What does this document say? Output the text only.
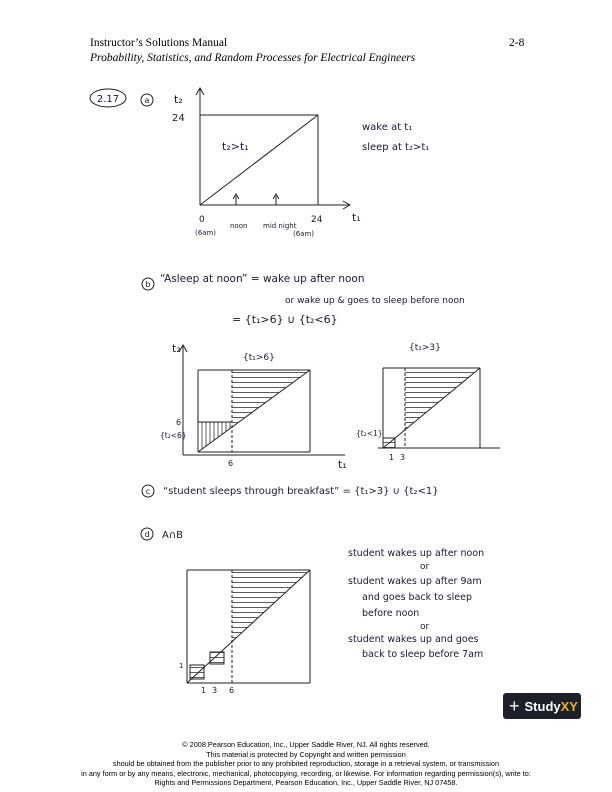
Instructor’s Solutions Manual	2-8
Probability, Statistics, and Random Processes for Electrical Engineers
2.17	a t₂
24
t₂>t₁
t₁
0
noon mid night
24
(6am)	(6am)
wake at t₁
sleep at t₂>t₁
b “Asleep at noon” = wake up after noon
or wake up & goes to sleep before noon
= {t₁>6} ∪ {t₂<6}
t₂
{t₁>6}
{t₂<6}
6
6	t₁
{t₁>3}
{t₂<1}
1 3
c “student sleeps through breakfast” = {t₁>3} ∪ {t₂<1}
d A∩B
1
1 3 6
student wakes up after noon
or
student wakes up after 9am
and goes back to sleep
before noon
or
student wakes up and goes
back to sleep before 7am
+ Study XY
© 2008 Pearson Education, Inc., Upper Saddle River, NJ. All rights reserved.
This material is protected by Copyright and written permission
should be obtained from the publisher prior to any prohibited reproduction, storage in a retrieval system, or transmission
in any form or by any means, electronic, mechanical, photocopying, recording, or likewise. For information regarding permission(s), write to:
Rights and Permissions Department, Pearson Education, Inc., Upper Saddle River, NJ 07458.
